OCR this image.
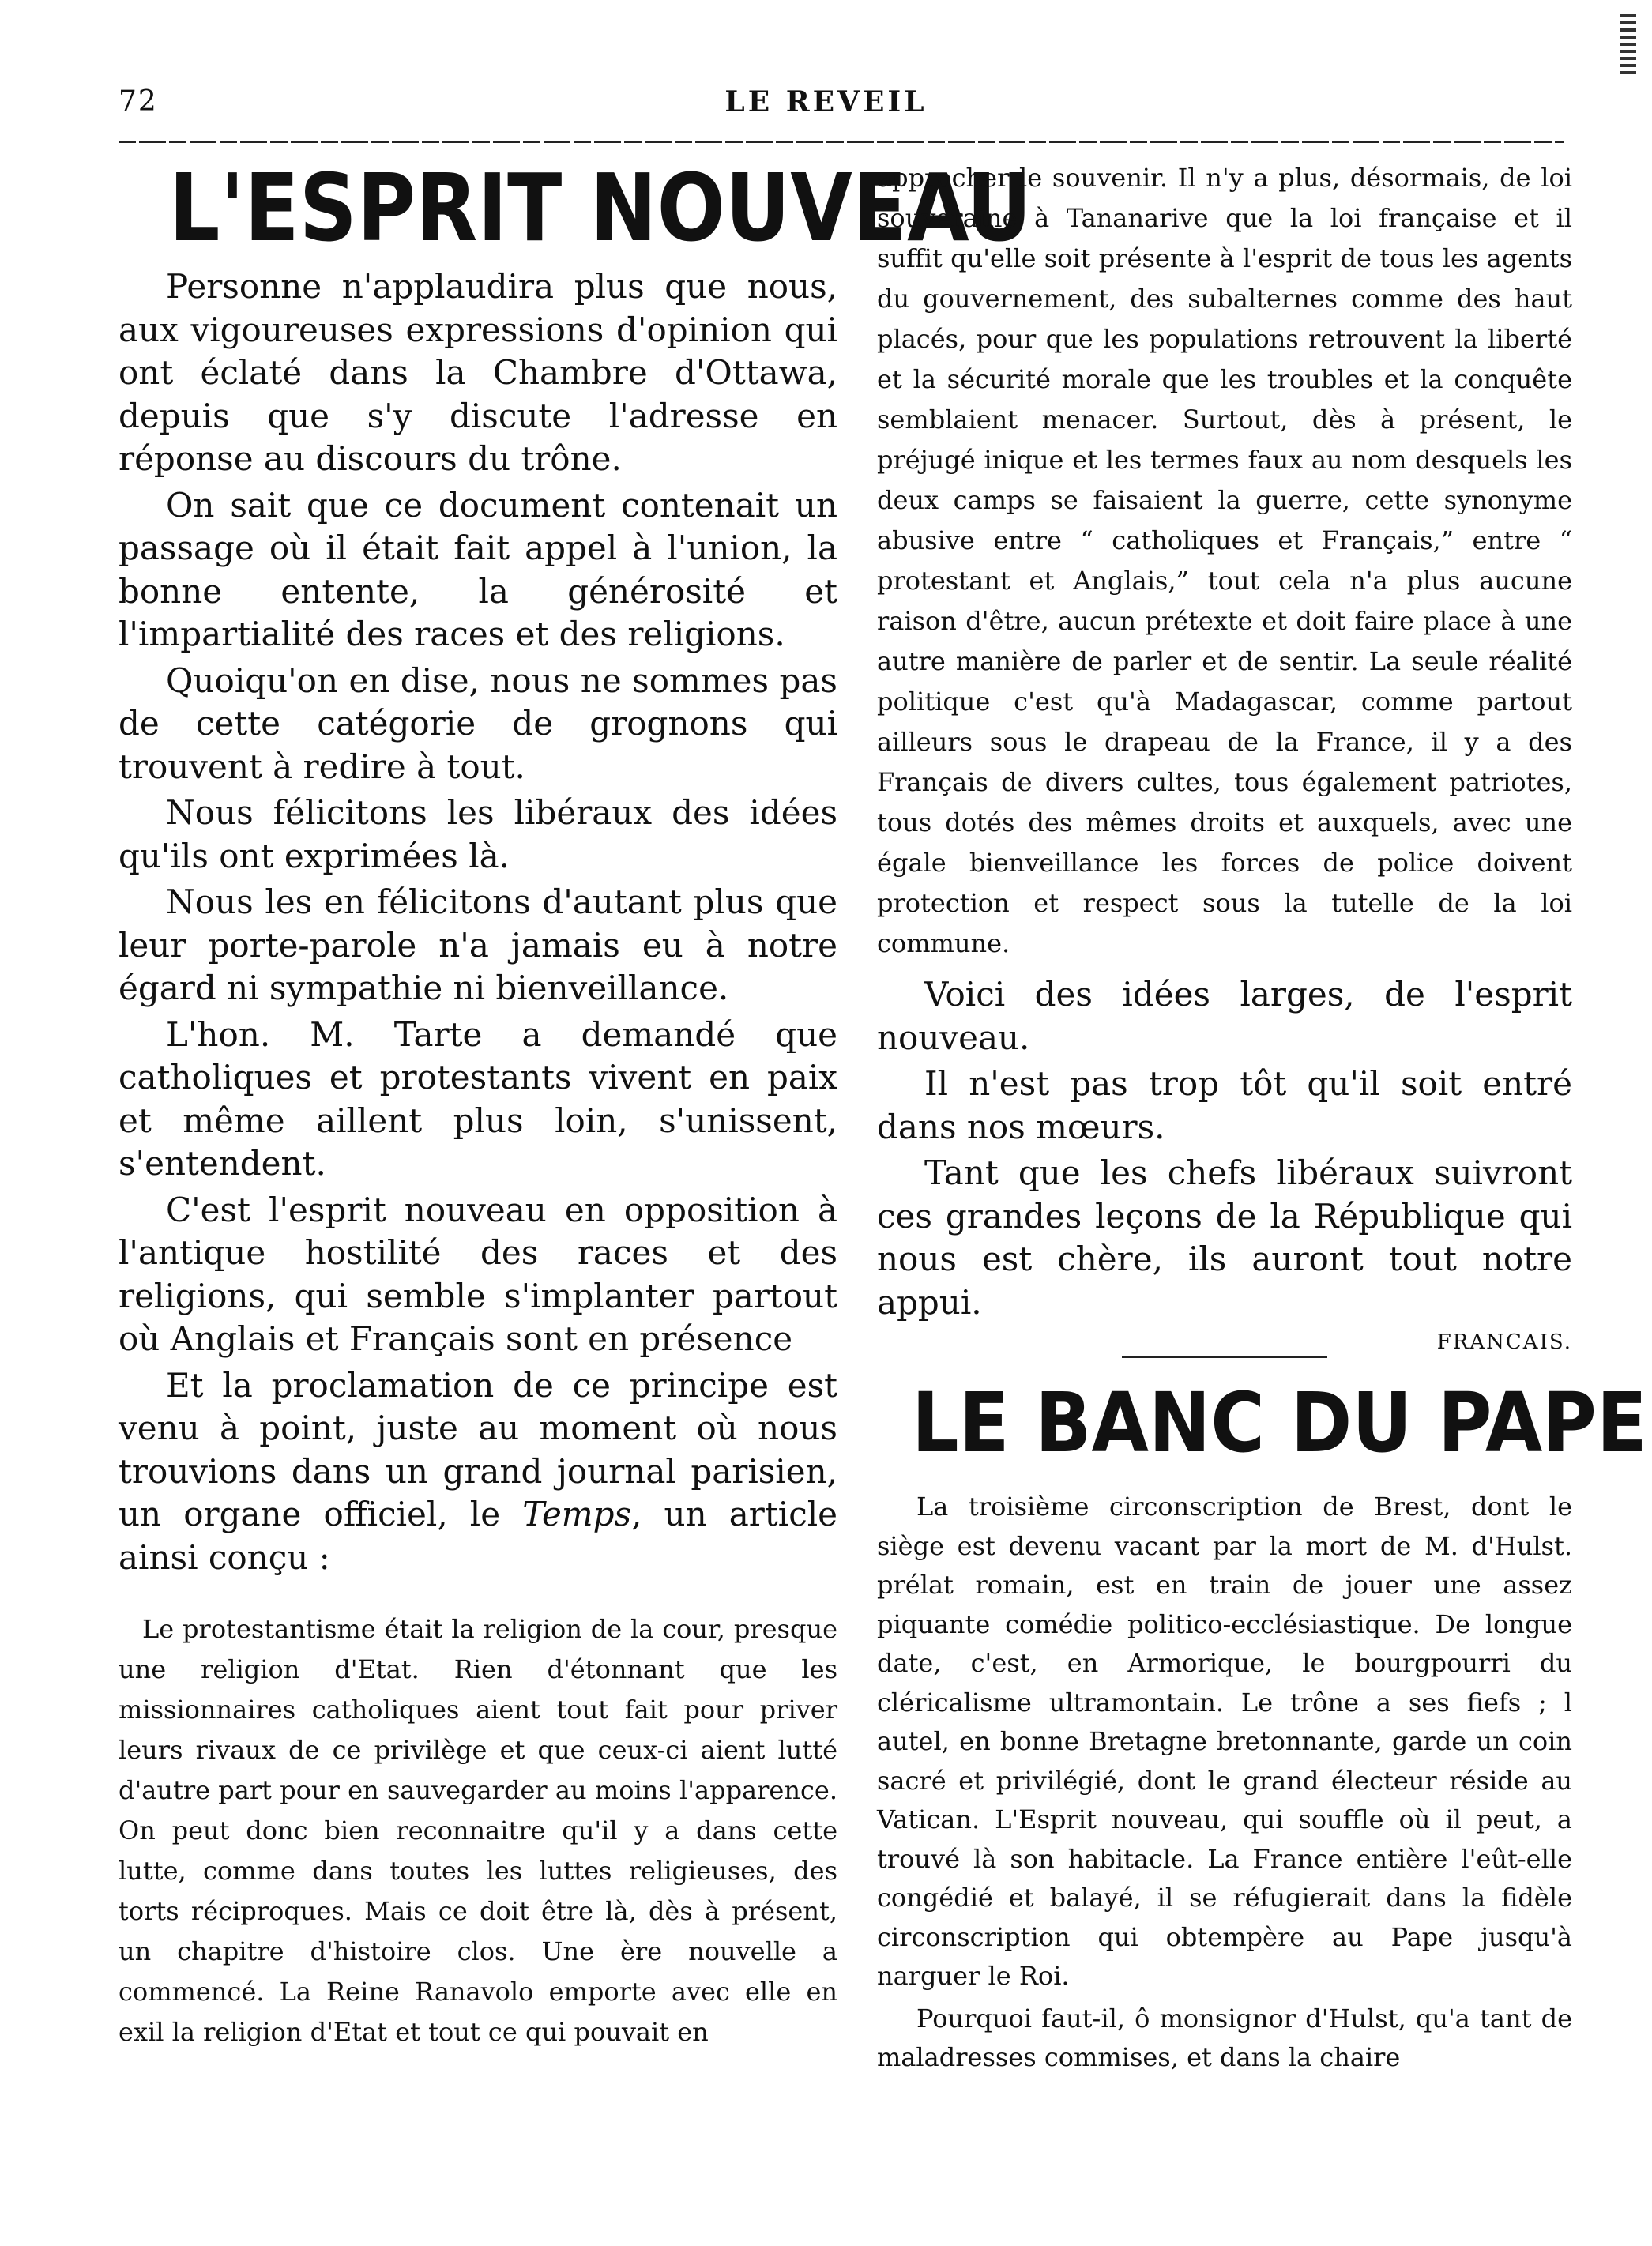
72	LE REVEIL
L'ESPRIT NOUVEAU

Personne n'applaudira plus que nous, aux vigoureuses expressions d'opinion qui ont éclaté dans la Chambre d'Ottawa, depuis que s'y discute l'adresse en réponse au discours du trône.

On sait que ce document contenait un passage où il était fait appel à l'union, la bonne entente, la générosité et l'impartialité des races et des religions.

Quoiqu'on en dise, nous ne sommes pas de cette catégorie de grognons qui trouvent à redire à tout.

Nous félicitons les libéraux des idées qu'ils ont exprimées là.

Nous les en félicitons d'autant plus que leur porte-parole n'a jamais eu à notre égard ni sympathie ni bienveillance.

L'hon. M. Tarte a demandé que catholiques et protestants vivent en paix et même aillent plus loin, s'unissent, s'entendent.

C'est l'esprit nouveau en opposition à l'antique hostilité des races et des religions, qui semble s'implanter partout où Anglais et Français sont en présence

Et la proclamation de ce principe est venu à point, juste au moment où nous trouvions dans un grand journal parisien, un organe officiel, le Temps, un article ainsi conçu :

Le protestantisme était la religion de la cour, presque une religion d'Etat. Rien d'étonnant que les missionnaires catholiques aient tout fait pour priver leurs rivaux de ce privilège et que ceux-ci aient lutté d'autre part pour en sauvegarder au moins l'apparence. On peut donc bien reconnaitre qu'il y a dans cette lutte, comme dans toutes les luttes religieuses, des torts réciproques. Mais ce doit être là, dès à présent, un chapitre d'histoire clos. Une ère nouvelle a commencé. La Reine Ranavolo emporte avec elle en exil la religion d'Etat et tout ce qui pouvait en

approcher le souvenir. Il n'y a plus, désormais, de loi souveraine à Tananarive que la loi française et il suffit qu'elle soit présente à l'esprit de tous les agents du gouvernement, des subalternes comme des haut placés, pour que les populations retrouvent la liberté et la sécurité morale que les troubles et la conquête semblaient menacer. Surtout, dès à présent, le préjugé inique et les termes faux au nom desquels les deux camps se faisaient la guerre, cette synonyme abusive entre “ catholiques et Français,” entre “ protestant et Anglais,” tout cela n'a plus aucune raison d'être, aucun prétexte et doit faire place à une autre manière de parler et de sentir. La seule réalité politique c'est qu'à Madagascar, comme partout ailleurs sous le drapeau de la France, il y a des Français de divers cultes, tous également patriotes, tous dotés des mêmes droits et auxquels, avec une égale bienveillance les forces de police doivent protection et respect sous la tutelle de la loi commune.

Voici des idées larges, de l'esprit nouveau.

Il n'est pas trop tôt qu'il soit entré dans nos mœurs.

Tant que les chefs libéraux suivront ces grandes leçons de la République qui nous est chère, ils auront tout notre appui.

FRANCAIS.
LE BANC DU PAPE

La troisième circonscription de Brest, dont le siège est devenu vacant par la mort de M. d'Hulst. prélat romain, est en train de jouer une assez piquante comédie politico-ecclésiastique. De longue date, c'est, en Armorique, le bourgpourri du cléricalisme ultramontain. Le trône a ses fiefs ; l autel, en bonne Bretagne bretonnante, garde un coin sacré et privilégié, dont le grand électeur réside au Vatican. L'Esprit nouveau, qui souffle où il peut, a trouvé là son habitacle. La France entière l'eût-elle congédié et balayé, il se réfugierait dans la fidèle circonscription qui obtempère au Pape jusqu'à narguer le Roi.

Pourquoi faut-il, ô monsignor d'Hulst, qu'a tant de maladresses commises, et dans la chaire
